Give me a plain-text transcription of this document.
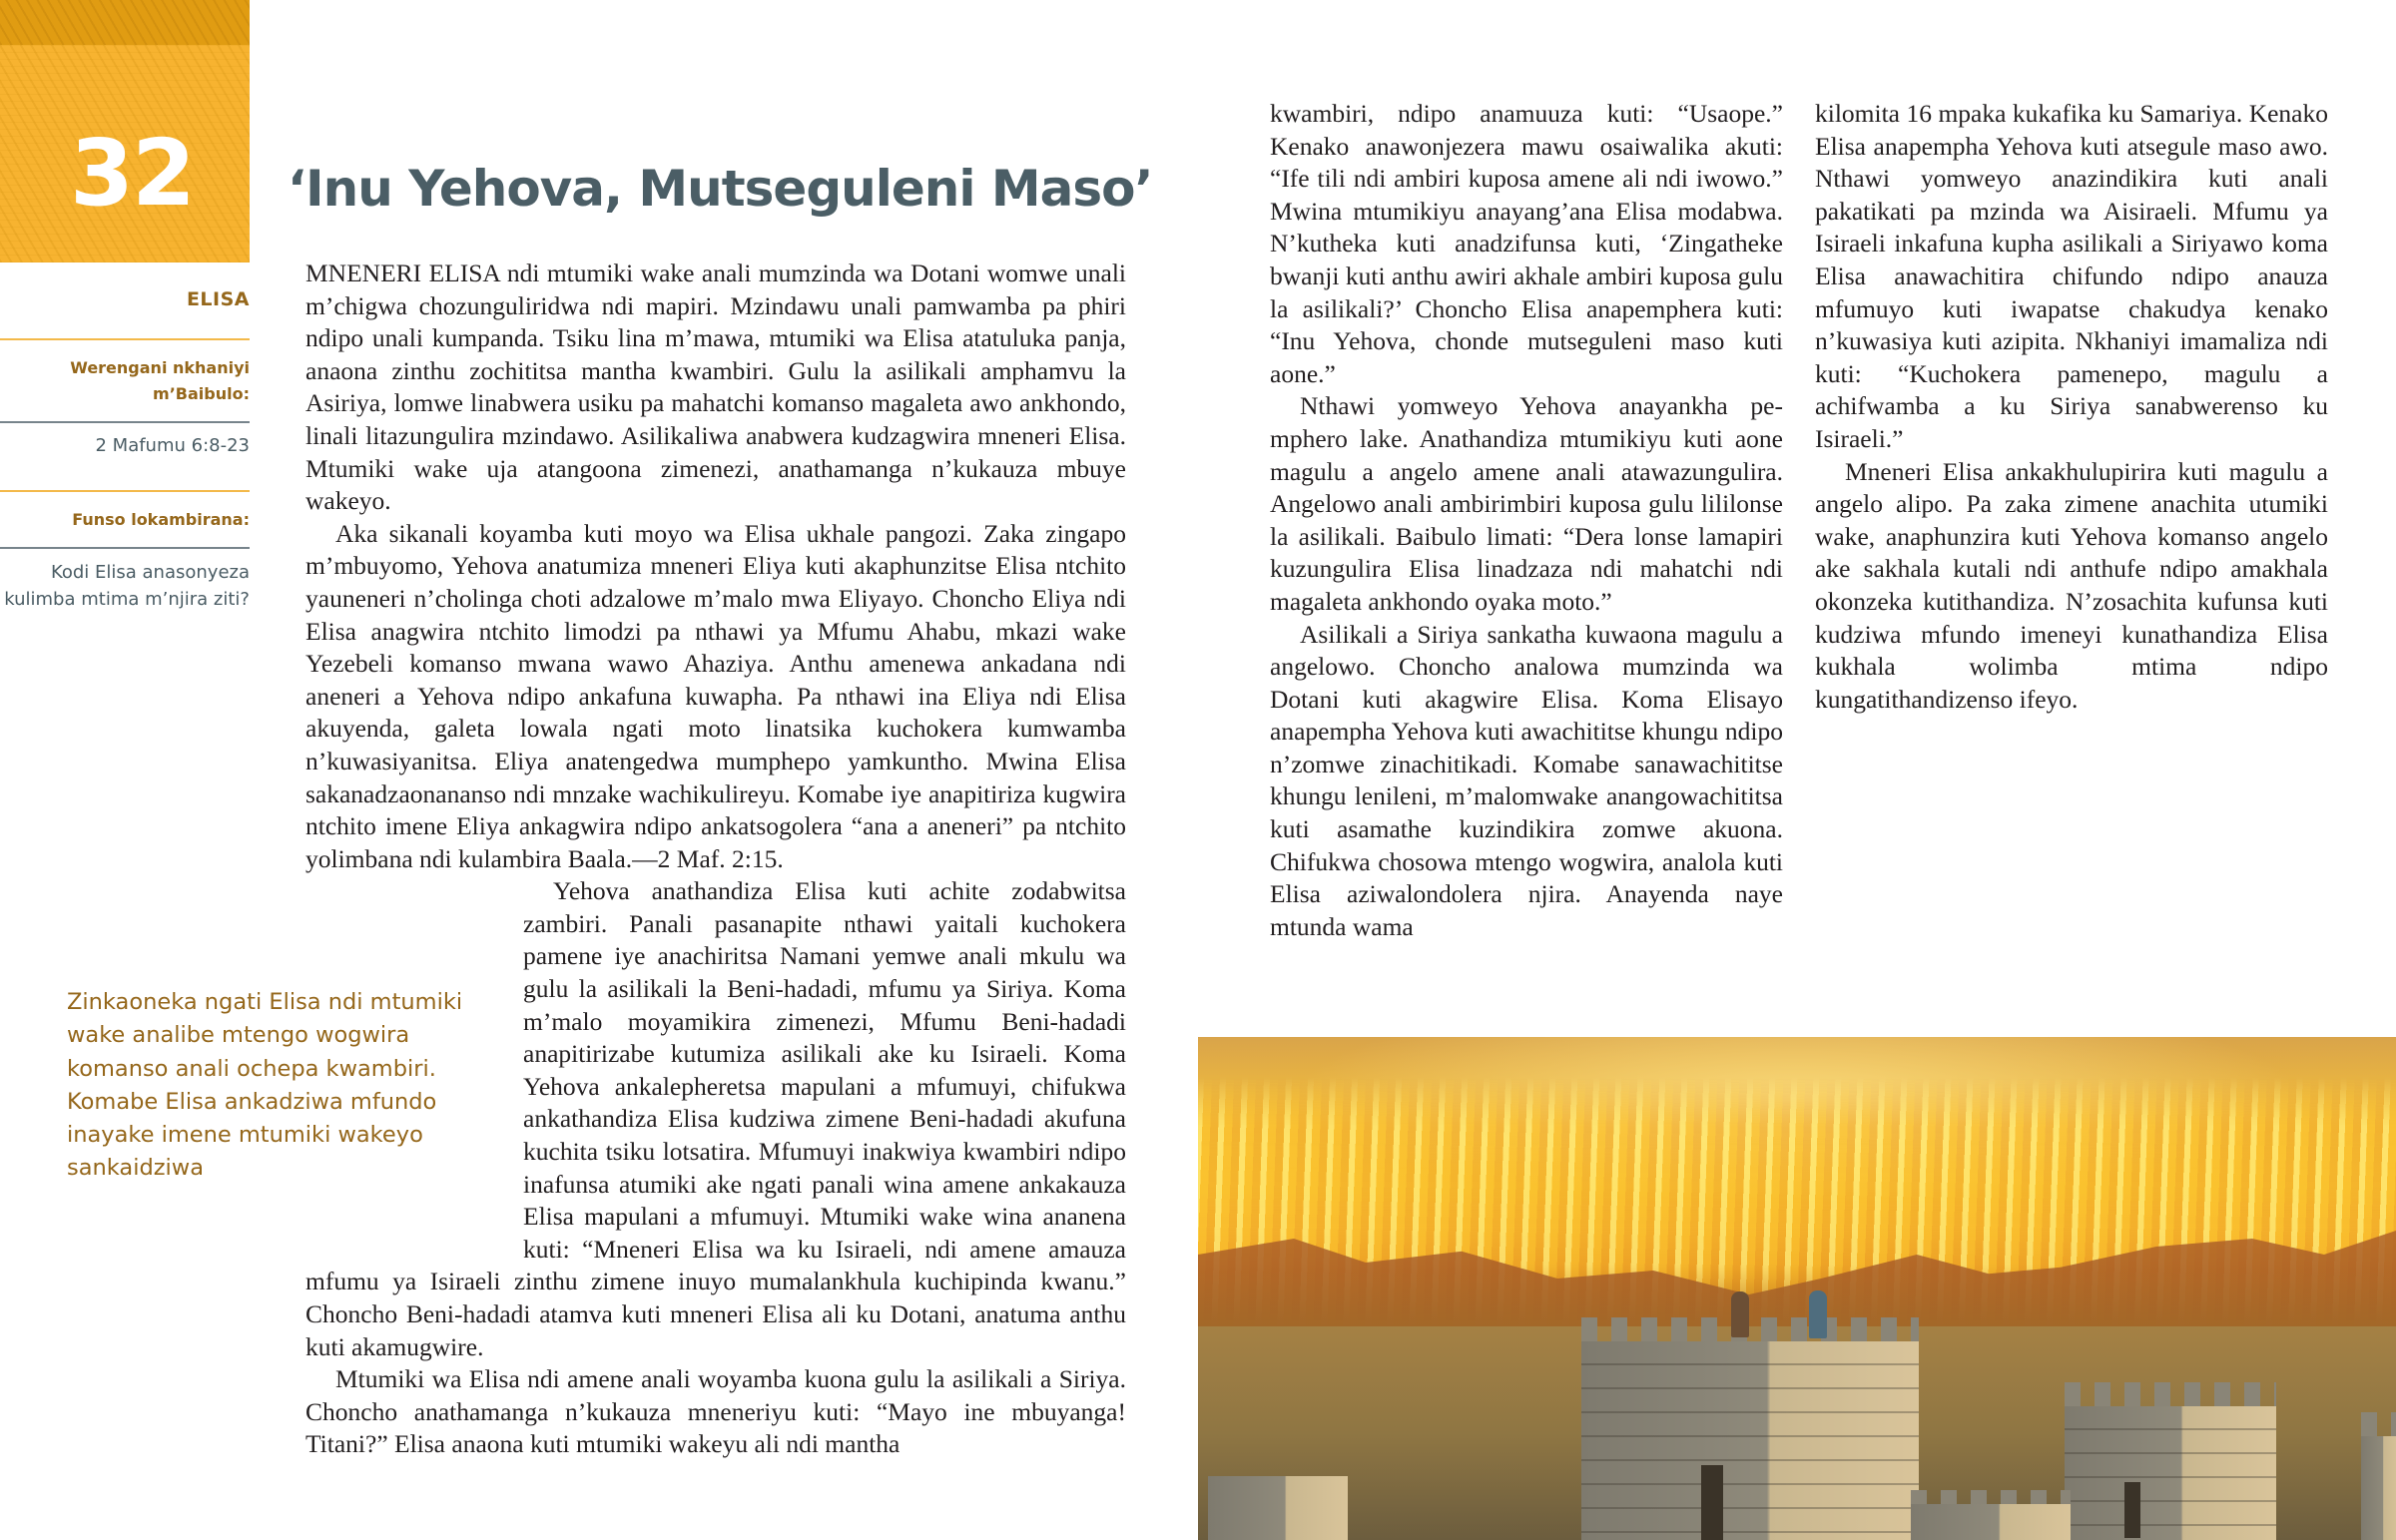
32
ELISA
Werengani nkhaniyi m’Baibulo:
2 Mafumu 6:8-23
Funso lokambirana:
Kodi Elisa anasonyeza kulimba mtima m’njira ziti?
‘Inu Yehova, Mutseguleni Maso’
Zinkaoneka ngati Elisa ndi mtumiki wake analibe mtengo wogwira komanso anali ochepa kwambiri. Komabe Elisa ankadziwa mfundo inayake imene mtumiki wakeyo sankaidziwa

MNENERI ELISA ndi mtumiki wake anali mumzinda wa Dotani womwe unali m’chigwa chozunguliridwa ndi mapiri. Mzindawu unali pamwamba pa phiri ndipo unali kumpanda. Tsiku lina m’mawa, mtumiki wa Elisa atatuluka panja, anaona zinthu zochititsa mantha kwambiri. Gulu la asilikali amphamvu la Asiriya, lomwe linabwera usiku pa mahatchi komanso magaleta awo ankhondo, linali litazungulira mzindawo. Asilikaliwa anabwera kudzagwira mneneri Elisa. Mtumiki wake uja atangoona zimenezi, anathamanga n’kukauza mbuye wakeyo.

Aka sikanali koyamba kuti moyo wa Elisa ukhale pangozi. Zaka zingapo m’mbuyomo, Yehova anatumiza mneneri Eliya kuti akaphunzitse Elisa ntchito yauneneri n’cholinga choti adzalowe m’malo mwa Eliyayo. Choncho Eliya ndi Elisa anagwira ntchito limodzi pa nthawi ya Mfumu Ahabu, mkazi wake Yezebeli komanso mwana wawo Ahaziya. Anthu amenewa ankadana ndi aneneri a Yehova ndipo ankafuna kuwapha. Pa nthawi ina Eliya ndi Elisa akuyenda, galeta lowala ngati moto linatsika kuchokera kumwamba n’kuwasiyanitsa. Eliya anatengedwa mumphepo yamkuntho. Mwina Elisa sakanadzaonananso ndi mnzake wachikulireyu. Komabe iye anapitiriza kugwira ntchito imene Eliya ankagwira ndipo ankatsogolera “ana a aneneri” pa ntchito yolimbana ndi kulambira Baala.—2 Maf. 2:15.

Yehova anathandiza Elisa kuti achite zodabwitsa zambiri. Panali pasanapite nthawi yaitali kuchokera pamene iye anachiritsa Namani yemwe anali mkulu wa gulu la asilikali la Beni-hadadi, mfumu ya Siriya. Koma m’malo moyamikira zimenezi, Mfumu Beni-hadadi anapitirizabe kutumiza asilikali ake ku Isiraeli. Koma Yehova ankalepheretsa mapulani a mfumuyi, chifukwa ankathandiza Elisa kudziwa zimene Beni-hadadi akufuna kuchita tsiku lotsatira. Mfumuyi inakwiya kwambiri ndipo inafunsa atumiki ake ngati panali wina amene ankakauza Elisa mapulani a mfumuyi. Mtumiki wake wina ananena kuti: “Mneneri Elisa wa ku Isiraeli, ndi amene amauza mfumu ya Isiraeli zinthu zimene inuyo mumalankhula kuchipinda kwanu.” Choncho Beni-hadadi atamva kuti mneneri Elisa ali ku Dotani, anatuma anthu kuti akamugwire.

Mtumiki wa Elisa ndi amene anali woyamba kuona gulu la asilikali a Siriya. Choncho anathamanga n’kukauza mneneriyu kuti: “Mayo ine mbuyanga! Titani?” Elisa anaona kuti mtumiki wakeyu ali ndi mantha

kwambiri, ndipo anamuuza kuti: “Usaope.” Kenako anawonjezera mawu osaiwalika akuti: “Ife tili ndi ambiri kuposa amene ali ndi iwowo.” Mwina mtumikiyu anayang’ana Elisa modabwa. N’kutheka kuti anadzifunsa kuti, ‘Zingatheke bwanji kuti anthu awiri akhale ambiri kuposa gulu la asilikali?’ Choncho Elisa anapemphera kuti: “Inu Yehova, chonde mutseguleni maso kuti aone.”

Nthawi yomweyo Yehova anayankha pemphero lake. Anathandiza mtumikiyu kuti aone magulu a angelo amene anali atawazungulira. Angelowo anali ambirimbiri kuposa gulu lililonse la asilikali. Baibulo limati: “Dera lonse lamapiri kuzungulira Elisa linadzaza ndi mahatchi ndi magaleta ankhondo oyaka moto.”

Asilikali a Siriya sankatha kuwaona magulu a angelowo. Choncho analowa mumzinda wa Dotani kuti akagwire Elisa. Koma Elisayo anapempha Yehova kuti awachititse khungu ndipo n’zomwe zinachitikadi. Komabe sanawachititse khungu lenileni, m’malomwake anangowachititsa kuti asamathe kuzindikira zomwe akuona. Chifukwa chosowa mtengo wogwira, analola kuti Elisa aziwalondolera njira. Anayenda naye mtunda wama

kilomita 16 mpaka kukafika ku Samariya. Kenako Elisa anapempha Yehova kuti atsegule maso awo. Nthawi yomweyo anazindikira kuti anali pakatikati pa mzinda wa Aisiraeli. Mfumu ya Isiraeli inkafuna kupha asilikali a Siriyawo koma Elisa anawachitira chifundo ndipo anauza mfumuyo kuti iwapatse chakudya kenako n’kuwasiya kuti azipita. Nkhaniyi imamaliza ndi kuti: “Kuchokera pamenepo, magulu a achifwamba a ku Siriya sanabwerenso ku Isiraeli.”

Mneneri Elisa ankakhulupirira kuti magulu a angelo alipo. Pa zaka zimene anachita utumiki wake, anaphunzira kuti Yehova komanso angelo ake sakhala kutali ndi anthufe ndipo amakhala okonzeka kutithandiza. N’zosachita kufunsa kuti kudziwa mfundo imeneyi kunathandiza Elisa kukhala wolimba mtima ndipo kungatithandizenso ifeyo.
